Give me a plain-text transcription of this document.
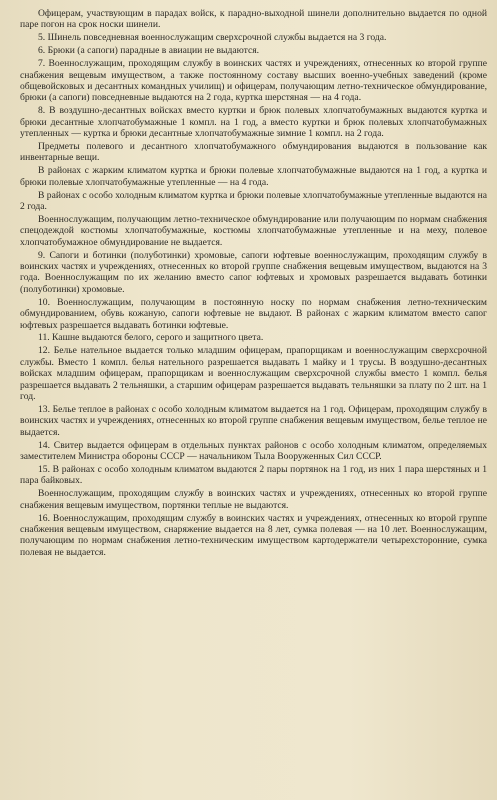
Офицерам, участвующим в парадах войск, к парадно-выходной шинели дополнительно выдается по одной паре погон на срок носки шинели.

5. Шинель повседневная военнослужащим сверхсрочной службы выдается на 3 года.

6. Брюки (а сапоги) парадные в авиации не выдаются.

7. Военнослужащим, проходящим службу в воинских частях и учреждениях, отнесенных ко второй группе снабжения вещевым имуществом, а также постоянному составу высших военно-учебных заведений (кроме общевойсковых и десантных командных училищ) и офицерам, получающим летно-техническое обмундирование, брюки (а сапоги) повседневные выдаются на 2 года, куртка шерстяная — на 4 года.

8. В воздушно-десантных войсках вместо куртки и брюк полевых хлопчатобумажных выдаются куртка и брюки десантные хлопчатобумажные 1 компл. на 1 год, а вместо куртки и брюк полевых хлопчатобумажных утепленных — куртка и брюки десантные хлопчатобумажные зимние 1 компл. на 2 года.

Предметы полевого и десантного хлопчатобумажного обмундирования выдаются в пользование как инвентарные вещи.

В районах с жарким климатом куртка и брюки полевые хлопчатобумажные выдаются на 1 год, а куртка и брюки полевые хлопчатобумажные утепленные — на 4 года.

В районах с особо холодным климатом куртка и брюки полевые хлопчатобумажные утепленные выдаются на 2 года.

Военнослужащим, получающим летно-техническое обмундирование или получающим по нормам снабжения спецодеждой костюмы хлопчатобумажные, костюмы хлопчатобумажные утепленные и на меху, полевое хлопчатобумажное обмундирование не выдается.

9. Сапоги и ботинки (полуботинки) хромовые, сапоги юфтевые военнослужащим, проходящим службу в воинских частях и учреждениях, отнесенных ко второй группе снабжения вещевым имуществом, выдаются на 3 года. Военнослужащим по их желанию вместо сапог юфтевых и хромовых разрешается выдавать ботинки (полуботинки) хромовые.

10. Военнослужащим, получающим в постоянную носку по нормам снабжения летно-техническим обмундированием, обувь кожаную, сапоги юфтевые не выдают. В районах с жарким климатом вместо сапог юфтевых разрешается выдавать ботинки юфтевые.

11. Кашне выдаются белого, серого и защитного цвета.

12. Белье нательное выдается только младшим офицерам, прапорщикам и военнослужащим сверхсрочной службы. Вместо 1 компл. белья нательного разрешается выдавать 1 майку и 1 трусы. В воздушно-десантных войсках младшим офицерам, прапорщикам и военнослужащим сверхсрочной службы вместо 1 компл. белья разрешается выдавать 2 тельняшки, а старшим офицерам разрешается выдавать тельняшки за плату по 2 шт. на 1 год.

13. Белье теплое в районах с особо холодным климатом выдается на 1 год. Офицерам, проходящим службу в воинских частях и учреждениях, отнесенных ко второй группе снабжения вещевым имуществом, белье теплое не выдается.

14. Свитер выдается офицерам в отдельных пунктах районов с особо холодным климатом, определяемых заместителем Министра обороны СССР — начальником Тыла Вооруженных Сил СССР.

15. В районах с особо холодным климатом выдаются 2 пары портянок на 1 год, из них 1 пара шерстяных и 1 пара байковых.

Военнослужащим, проходящим службу в воинских частях и учреждениях, отнесенных ко второй группе снабжения вещевым имуществом, портянки теплые не выдаются.

16. Военнослужащим, проходящим службу в воинских частях и учреждениях, отнесенных ко второй группе снабжения вещевым имуществом, снаряжение выдается на 8 лет, сумка полевая — на 10 лет. Военнослужащим, получающим по нормам снабжения летно-техническим имуществом картодержатели четырехсторонние, сумка полевая не выдается.
